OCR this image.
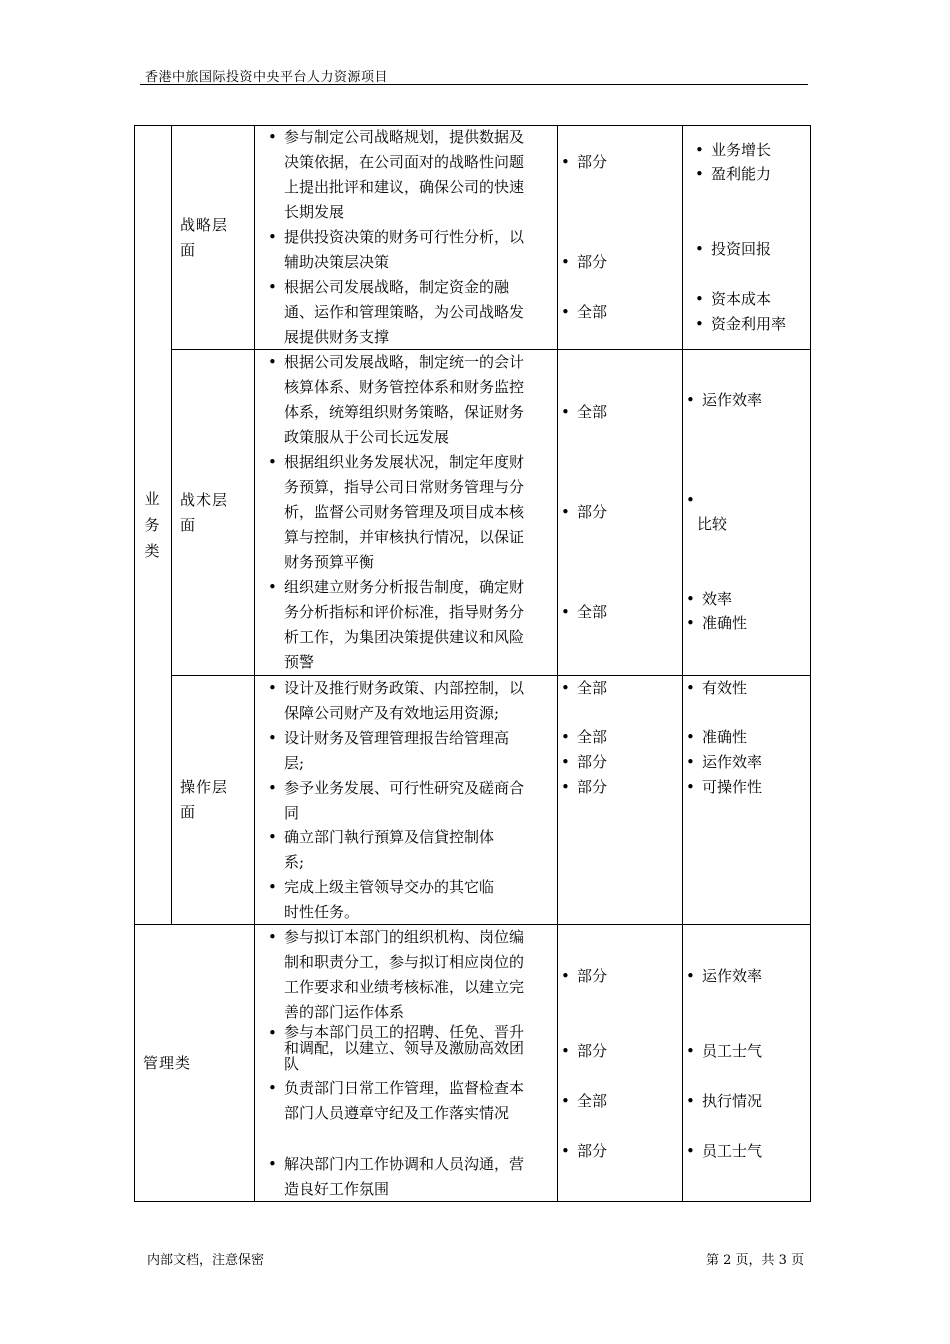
香港中旅国际投资中央平台人力资源项目
业务类
战略层面
• 参与制定公司战略规划，提供数据及决策依据，在公司面对的战略性问题上提出批评和建议，确保公司的快速长期发展
• 提供投资决策的财务可行性分析，以辅助决策层决策
• 根据公司发展战略，制定资金的融通、运作和管理策略，为公司战略发展提供财务支撑
• 部分
• 部分
• 全部
• 业务增长
• 盈利能力
• 投资回报
• 资本成本
• 资金利用率
战术层面
• 根据公司发展战略，制定统一的会计核算体系、财务管控体系和财务监控体系，统筹组织财务策略，保证财务政策服从于公司长远发展
• 根据组织业务发展状况，制定年度财务预算，指导公司日常财务管理与分析，监督公司财务管理及项目成本核算与控制，并审核执行情况，以保证财务预算平衡
• 组织建立财务分析报告制度，确定财务分析指标和评价标准，指导财务分析工作，为集团决策提供建议和风险预警
• 全部
• 部分
• 全部
• 运作效率
•
比较
• 效率
• 准确性
操作层面
• 设计及推行财务政策、内部控制，以保障公司财产及有效地运用资源;
• 设计财务及管理管理报告给管理高层;
• 参予业务发展、可行性研究及磋商合同
• 确立部门執行預算及信貸控制体系;
• 完成上级主管领导交办的其它临时性任务。
• 全部
• 全部
• 部分
• 部分
• 有效性
• 准确性
• 运作效率
• 可操作性
管理类
• 参与拟订本部门的组织机构、岗位编制和职责分工，参与拟订相应岗位的工作要求和业绩考核标准，以建立完善的部门运作体系
• 参与本部门员工的招聘、任免、晋升和调配，以建立、领导及激励高效团队
• 负责部门日常工作管理，监督检查本部门人员遵章守纪及工作落实情况
• 解决部门内工作协调和人员沟通，营造良好工作氛围
• 部分
• 部分
• 全部
• 部分
• 运作效率
• 员工士气
• 执行情况
• 员工士气
内部文档，注意保密	第 2 页，共 3 页
